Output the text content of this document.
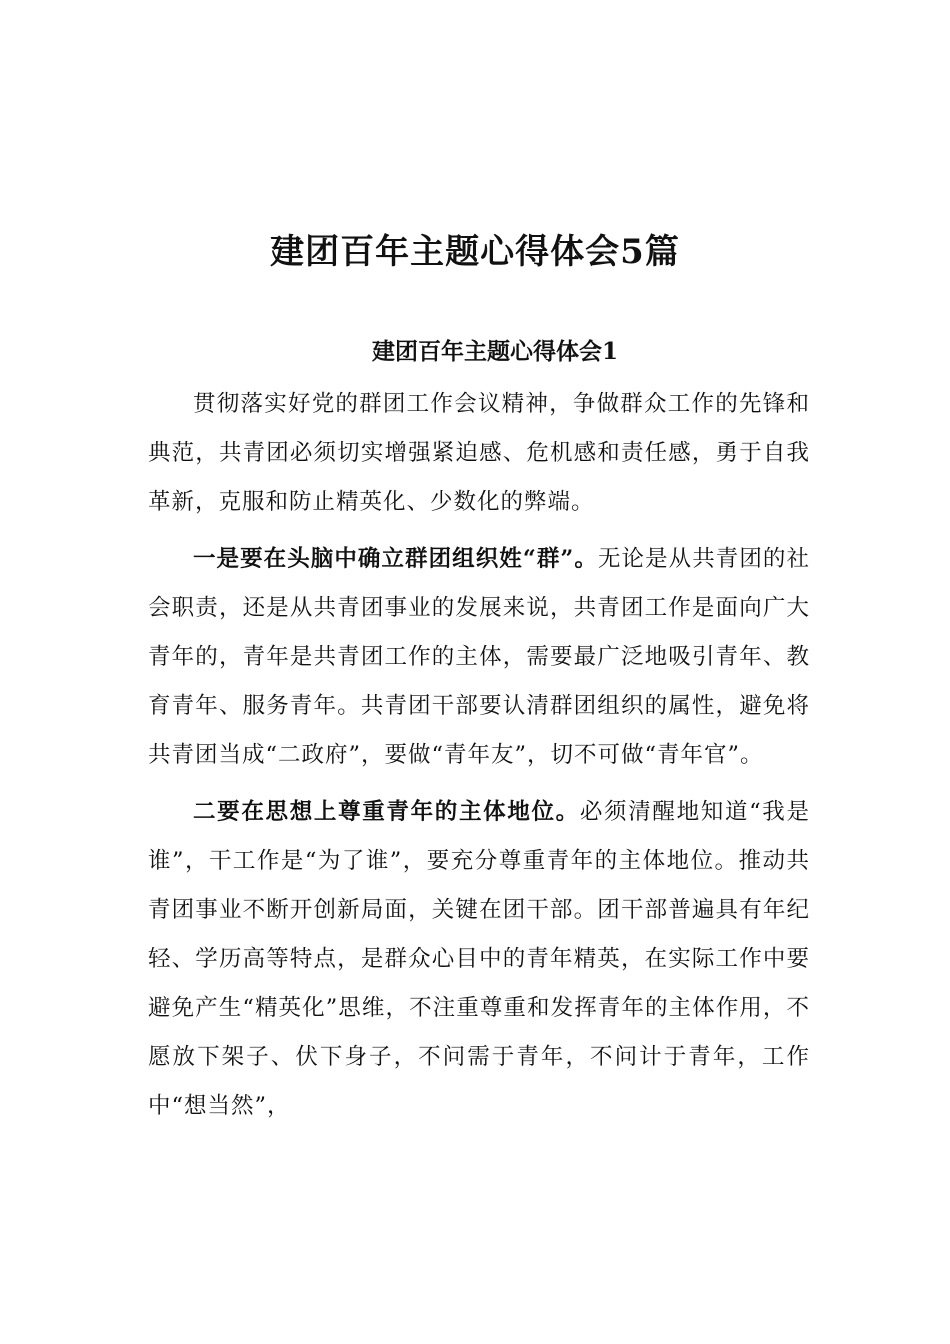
建团百年主题心得体会5篇
建团百年主题心得体会1

贯彻落实好党的群团工作会议精神，争做群众工作的先锋和典范，共青团必须切实增强紧迫感、危机感和责任感，勇于自我革新，克服和防止精英化、少数化的弊端。

一是要在头脑中确立群团组织姓“群”。无论是从共青团的社会职责，还是从共青团事业的发展来说，共青团工作是面向广大青年的，青年是共青团工作的主体，需要最广泛地吸引青年、教育青年、服务青年。共青团干部要认清群团组织的属性，避免将共青团当成“二政府”，要做“青年友”，切不可做“青年官”。

二要在思想上尊重青年的主体地位。必须清醒地知道“我是谁”，干工作是“为了谁”，要充分尊重青年的主体地位。推动共青团事业不断开创新局面，关键在团干部。团干部普遍具有年纪轻、学历高等特点，是群众心目中的青年精英，在实际工作中要避免产生“精英化”思维，不注重尊重和发挥青年的主体作用，不愿放下架子、伏下身子，不问需于青年，不问计于青年，工作中“想当然”，
